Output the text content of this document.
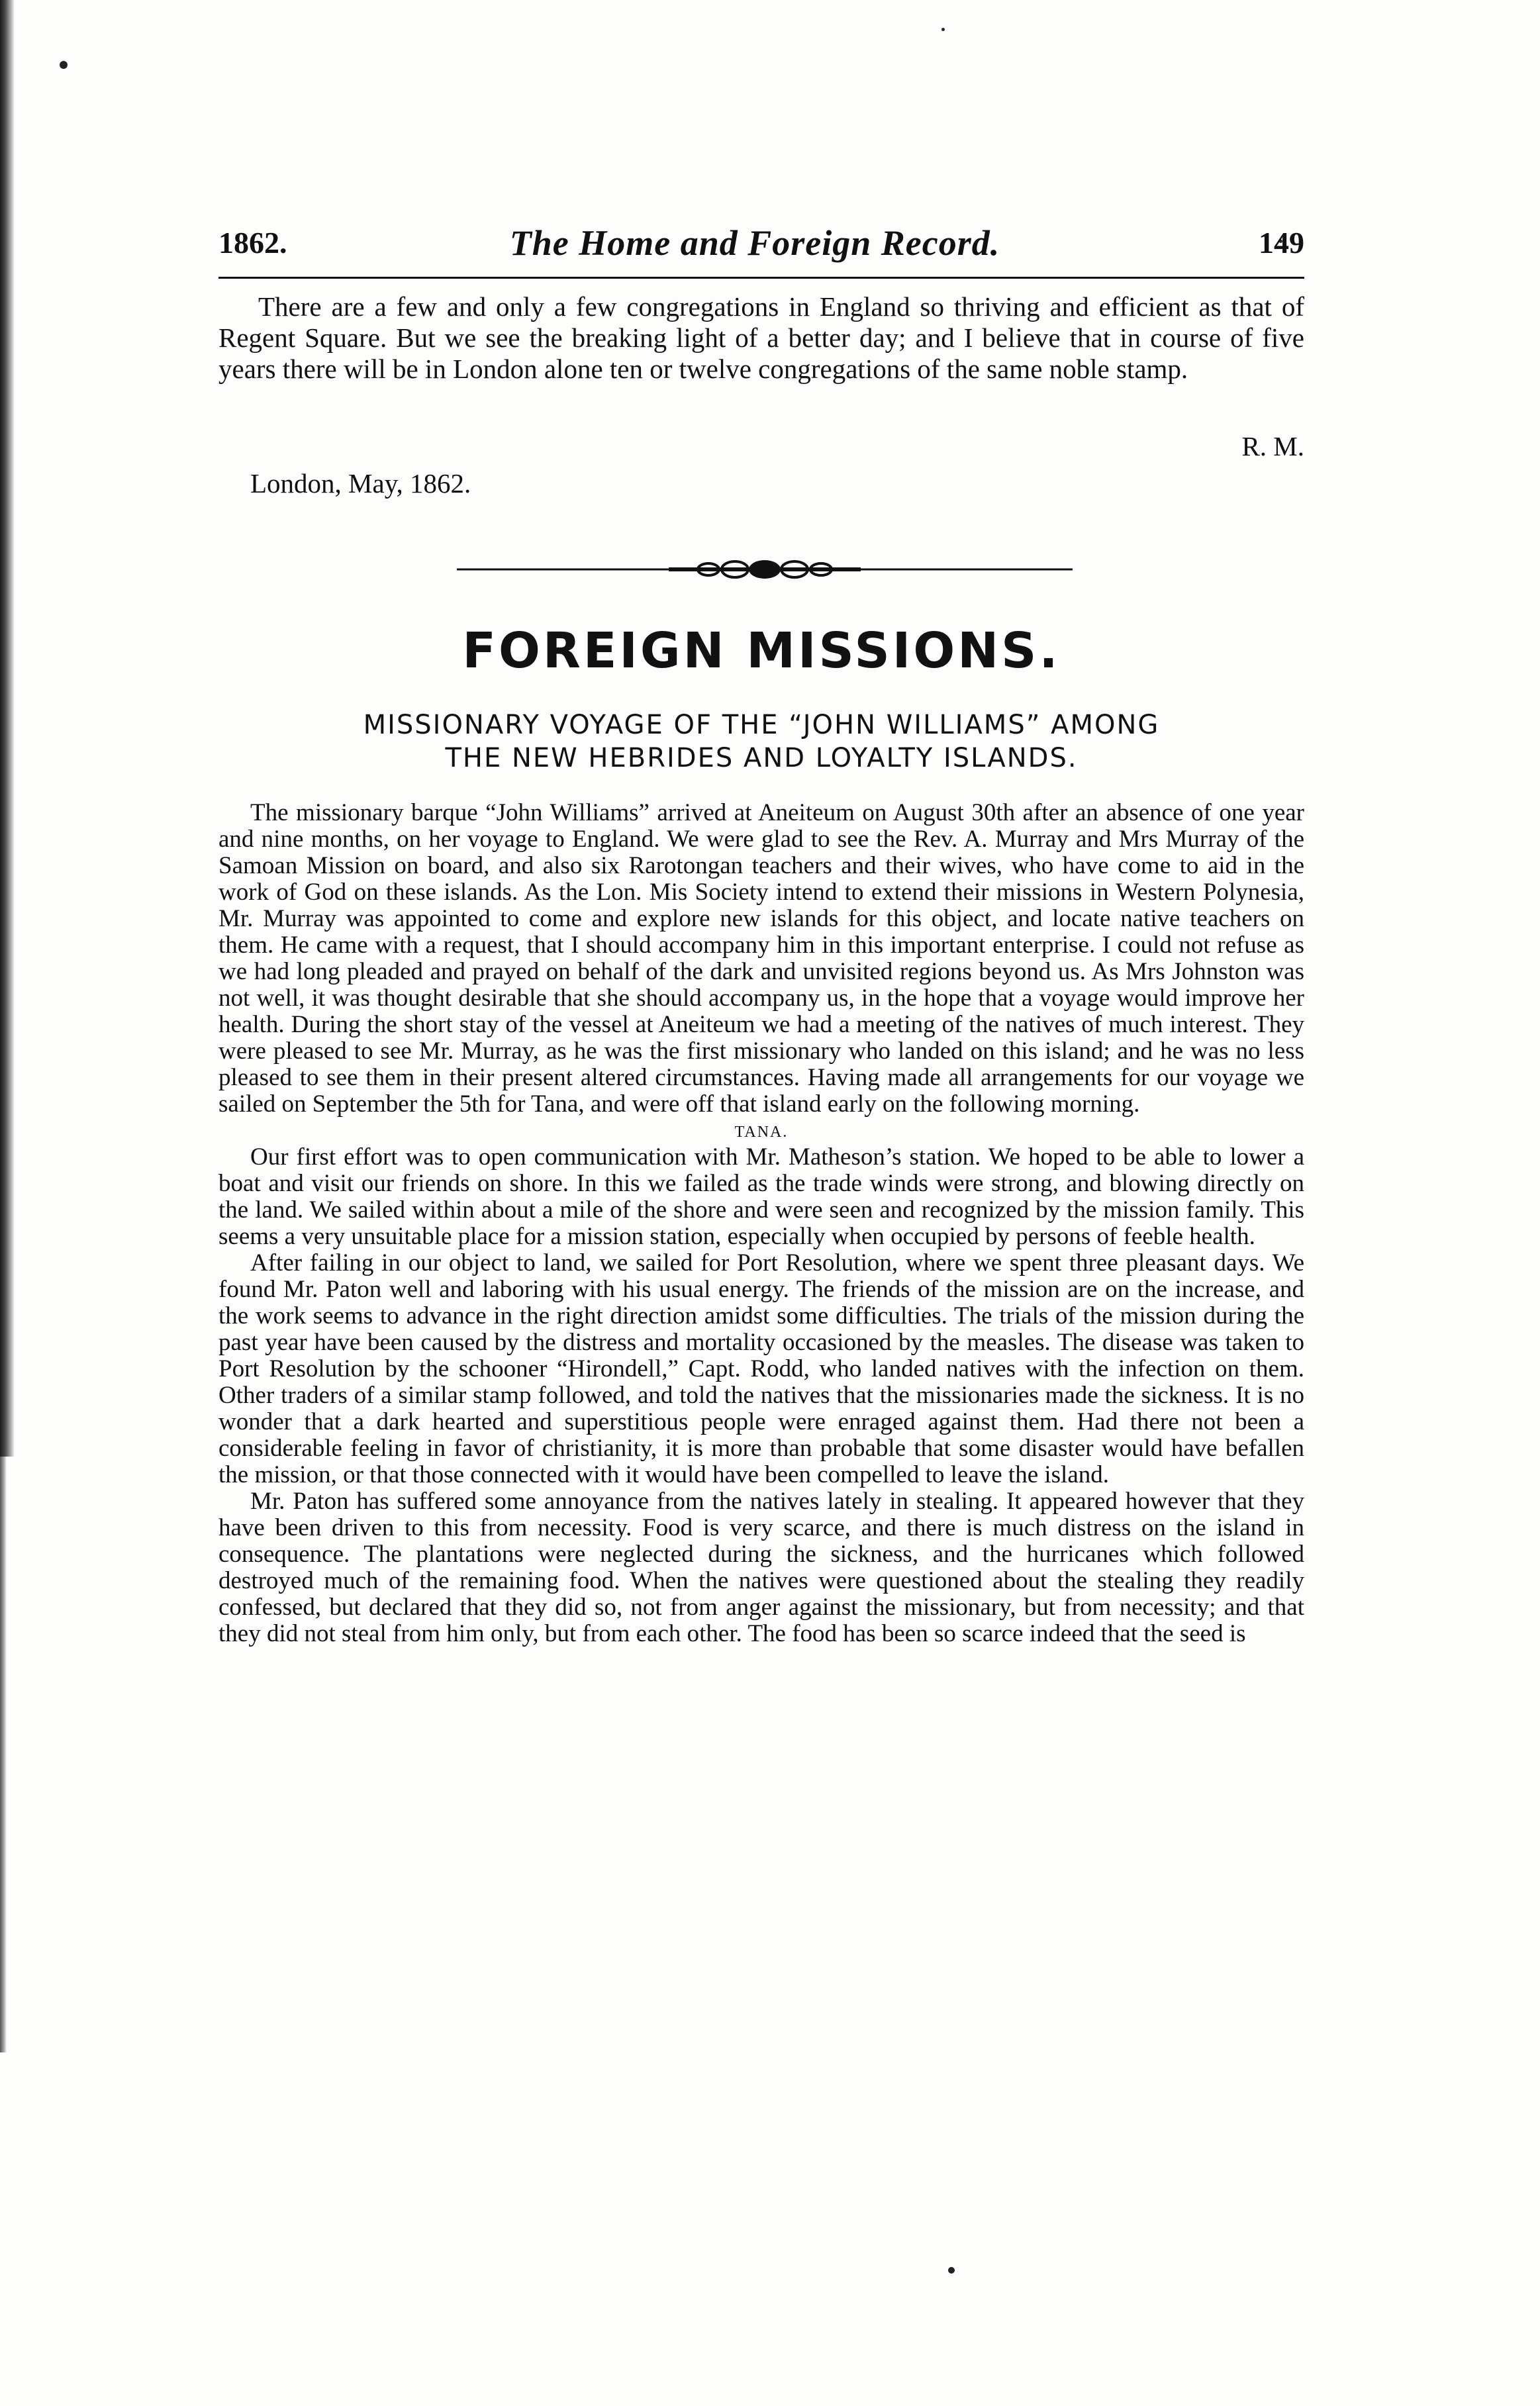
1862.	The Home and Foreign Record.	149

There are a few and only a few congregations in England so thriving and efficient as that of Regent Square. But we see the breaking light of a better day; and I believe that in course of five years there will be in London alone ten or twelve congregations of the same noble stamp.

R. M.
London, May, 1862.
FOREIGN MISSIONS.
MISSIONARY VOYAGE OF THE “JOHN WILLIAMS” AMONG
THE NEW HEBRIDES AND LOYALTY ISLANDS.

The missionary barque “John Williams” arrived at Aneiteum on August 30th after an absence of one year and nine months, on her voyage to England. We were glad to see the Rev. A. Murray and Mrs Murray of the Samoan Mission on board, and also six Rarotongan teachers and their wives, who have come to aid in the work of God on these islands. As the Lon. Mis Society intend to extend their missions in Western Polynesia, Mr. Murray was appointed to come and explore new islands for this object, and locate native teachers on them. He came with a request, that I should accompany him in this important enterprise. I could not refuse as we had long pleaded and prayed on behalf of the dark and unvisited regions beyond us. As Mrs Johnston was not well, it was thought desirable that she should accompany us, in the hope that a voyage would improve her health. During the short stay of the vessel at Aneiteum we had a meeting of the natives of much interest. They were pleased to see Mr. Murray, as he was the first missionary who landed on this island; and he was no less pleased to see them in their present altered circumstances. Having made all arrangements for our voyage we sailed on September the 5th for Tana, and were off that island early on the following morning.

TANA.

Our first effort was to open communication with Mr. Matheson’s station. We hoped to be able to lower a boat and visit our friends on shore. In this we failed as the trade winds were strong, and blowing directly on the land. We sailed within about a mile of the shore and were seen and recognized by the mission family. This seems a very unsuitable place for a mission station, especially when occupied by persons of feeble health.

After failing in our object to land, we sailed for Port Resolution, where we spent three pleasant days. We found Mr. Paton well and laboring with his usual energy. The friends of the mission are on the increase, and the work seems to advance in the right direction amidst some difficulties. The trials of the mission during the past year have been caused by the distress and mortality occasioned by the measles. The disease was taken to Port Resolution by the schooner “Hirondell,” Capt. Rodd, who landed natives with the infection on them. Other traders of a similar stamp followed, and told the natives that the missionaries made the sickness. It is no wonder that a dark hearted and superstitious people were enraged against them. Had there not been a considerable feeling in favor of christianity, it is more than probable that some disaster would have befallen the mission, or that those connected with it would have been compelled to leave the island.

Mr. Paton has suffered some annoyance from the natives lately in stealing. It appeared however that they have been driven to this from necessity. Food is very scarce, and there is much distress on the island in consequence. The plantations were neglected during the sickness, and the hurricanes which followed destroyed much of the remaining food. When the natives were questioned about the stealing they readily confessed, but declared that they did so, not from anger against the missionary, but from necessity; and that they did not steal from him only, but from each other. The food has been so scarce indeed that the seed is
